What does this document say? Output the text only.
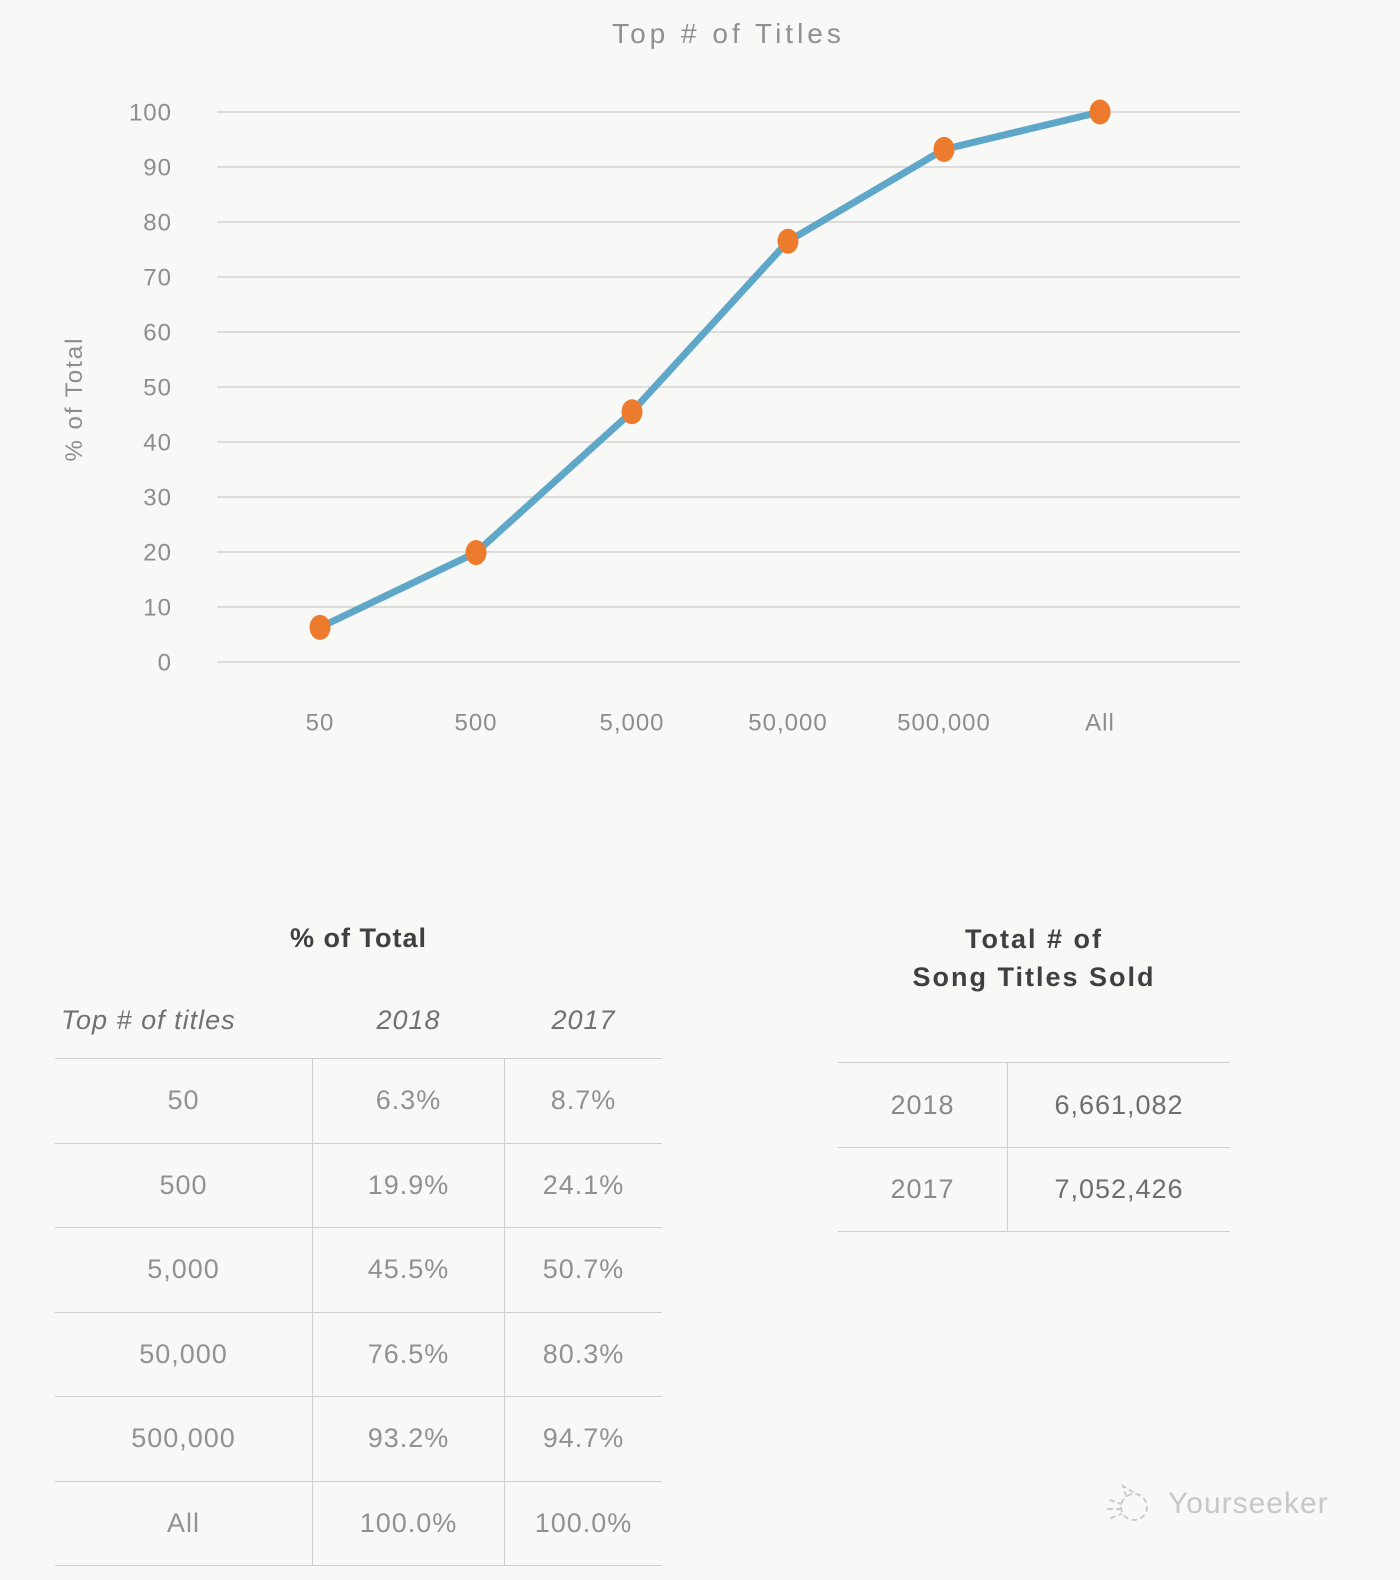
Top # of Titles
% of Total
0
10
20
30
40
50
60
70
80
90
100
50	500	5,000	50,000	500,000	All
% of Total
Top # of titles	2018	2017
50	6.3%	8.7%
500	19.9%	24.1%
5,000	45.5%	50.7%
50,000	76.5%	80.3%
500,000	93.2%	94.7%
All	100.0%	100.0%
Total # of
Song Titles Sold
2018	6,661,082
2017	7,052,426
Yourseeker
